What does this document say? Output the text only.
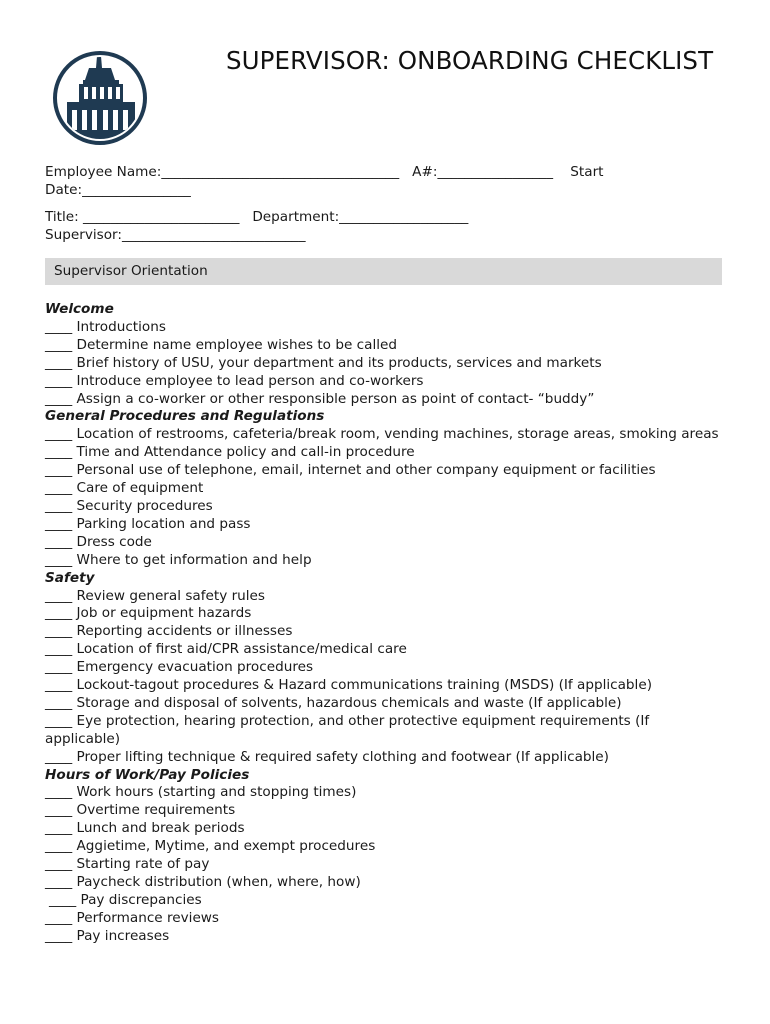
SUPERVISOR: ONBOARDING CHECKLIST
Employee Name:___________________________________   A#:_________________    Start
Date:________________
Title: _______________________   Department:___________________
Supervisor:___________________________
Supervisor Orientation
Welcome
____ Introductions
____ Determine name employee wishes to be called
____ Brief history of USU, your department and its products, services and markets
____ Introduce employee to lead person and co-workers
____ Assign a co-worker or other responsible person as point of contact- “buddy”
General Procedures and Regulations
____ Location of restrooms, cafeteria/break room, vending machines, storage areas, smoking areas
____ Time and Attendance policy and call-in procedure
____ Personal use of telephone, email, internet and other company equipment or facilities
____ Care of equipment
____ Security procedures
____ Parking location and pass
____ Dress code
____ Where to get information and help
Safety
____ Review general safety rules
____ Job or equipment hazards
____ Reporting accidents or illnesses
____ Location of first aid/CPR assistance/medical care
____ Emergency evacuation procedures
____ Lockout-tagout procedures & Hazard communications training (MSDS) (If applicable)
____ Storage and disposal of solvents, hazardous chemicals and waste (If applicable)
____ Eye protection, hearing protection, and other protective equipment requirements (If applicable)
____ Proper lifting technique & required safety clothing and footwear (If applicable)
Hours of Work/Pay Policies
____ Work hours (starting and stopping times)
____ Overtime requirements
____ Lunch and break periods
____ Aggietime, Mytime, and exempt procedures
____ Starting rate of pay
____ Paycheck distribution (when, where, how)
____ Pay discrepancies
____ Performance reviews
____ Pay increases
